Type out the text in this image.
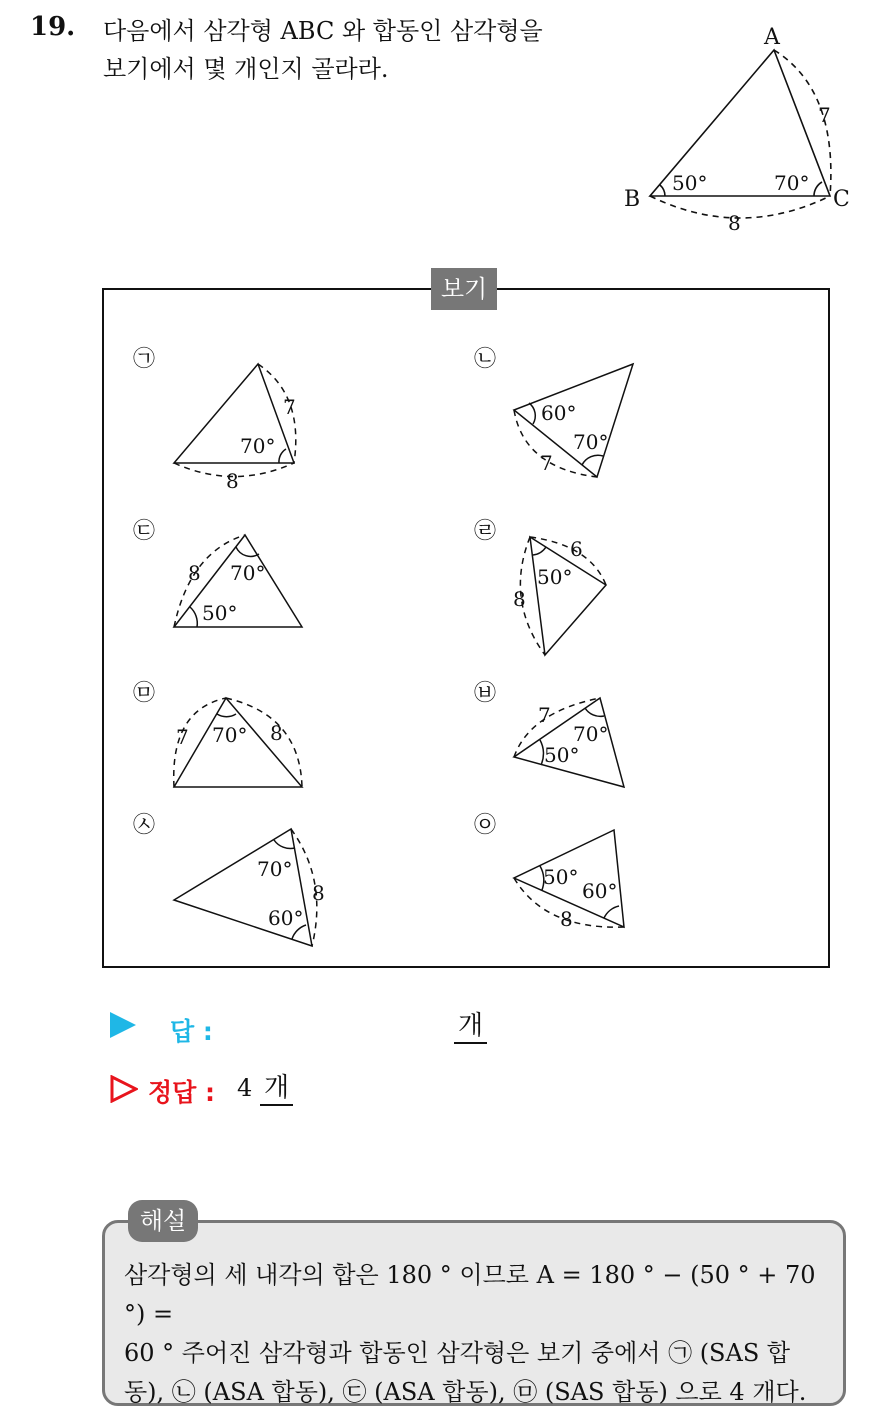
19. 다음에서 삼각형 ABC 와 합동인 삼각형을
보기에서 몇 개인지 골라라.
A
B	C
7
8
50°	70°
보기
㉠	㉡
㉢	㉣
㉤	㉥
㉦	㉧
7
8
70°
7
60°
70°
8 70°
50°
6
8
50°
7	8
70°
7
70°
50°
8
70°
60°	8
50°
60°
답 :	개
정답 : 4 개
해설
삼각형의 세 내각의 합은 180 ° 이므로 A = 180 ° − (50 ° + 70 °) =
60 ° 주어진 삼각형과 합동인 삼각형은 보기 중에서 ㉠ (SAS 합
동), ㉡ (ASA 합동), ㉢ (ASA 합동), ㉤ (SAS 합동) 으로 4 개다.
